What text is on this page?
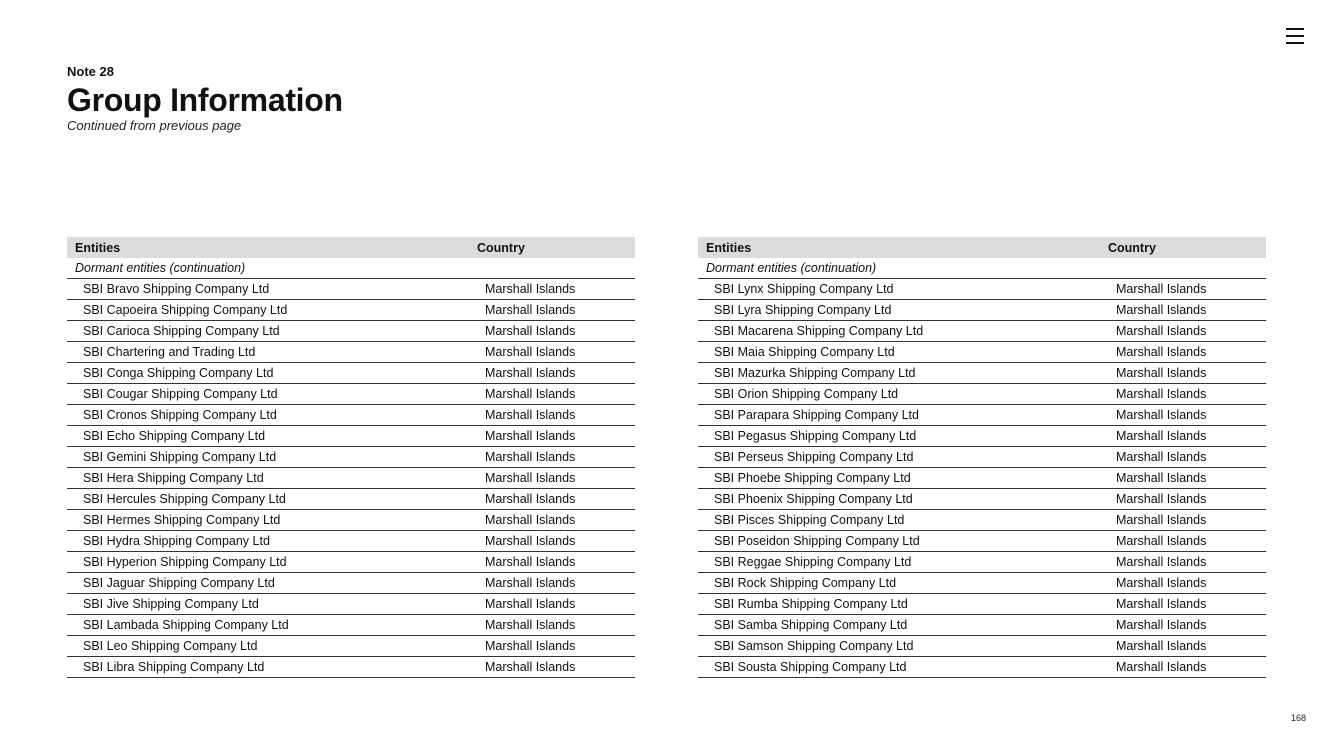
Note 28
Group Information
Continued from previous page
Entities	Country
Dormant entities (continuation)	
SBI Bravo Shipping Company Ltd	Marshall Islands
SBI Capoeira Shipping Company Ltd	Marshall Islands
SBI Carioca Shipping Company Ltd	Marshall Islands
SBI Chartering and Trading Ltd	Marshall Islands
SBI Conga Shipping Company Ltd	Marshall Islands
SBI Cougar Shipping Company Ltd	Marshall Islands
SBI Cronos Shipping Company Ltd	Marshall Islands
SBI Echo Shipping Company Ltd	Marshall Islands
SBI Gemini Shipping Company Ltd	Marshall Islands
SBI Hera Shipping Company Ltd	Marshall Islands
SBI Hercules Shipping Company Ltd	Marshall Islands
SBI Hermes Shipping Company Ltd	Marshall Islands
SBI Hydra Shipping Company Ltd	Marshall Islands
SBI Hyperion Shipping Company Ltd	Marshall Islands
SBI Jaguar Shipping Company Ltd	Marshall Islands
SBI Jive Shipping Company Ltd	Marshall Islands
SBI Lambada Shipping Company Ltd	Marshall Islands
SBI Leo Shipping Company Ltd	Marshall Islands
SBI Libra Shipping Company Ltd	Marshall Islands
Entities	Country
Dormant entities (continuation)	
SBI Lynx Shipping Company Ltd	Marshall Islands
SBI Lyra Shipping Company Ltd	Marshall Islands
SBI Macarena Shipping Company Ltd	Marshall Islands
SBI Maia Shipping Company Ltd	Marshall Islands
SBI Mazurka Shipping Company Ltd	Marshall Islands
SBI Orion Shipping Company Ltd	Marshall Islands
SBI Parapara Shipping Company Ltd	Marshall Islands
SBI Pegasus Shipping Company Ltd	Marshall Islands
SBI Perseus Shipping Company Ltd	Marshall Islands
SBI Phoebe Shipping Company Ltd	Marshall Islands
SBI Phoenix Shipping Company Ltd	Marshall Islands
SBI Pisces Shipping Company Ltd	Marshall Islands
SBI Poseidon Shipping Company Ltd	Marshall Islands
SBI Reggae Shipping Company Ltd	Marshall Islands
SBI Rock Shipping Company Ltd	Marshall Islands
SBI Rumba Shipping Company Ltd	Marshall Islands
SBI Samba Shipping Company Ltd	Marshall Islands
SBI Samson Shipping Company Ltd	Marshall Islands
SBI Sousta Shipping Company Ltd	Marshall Islands
168
